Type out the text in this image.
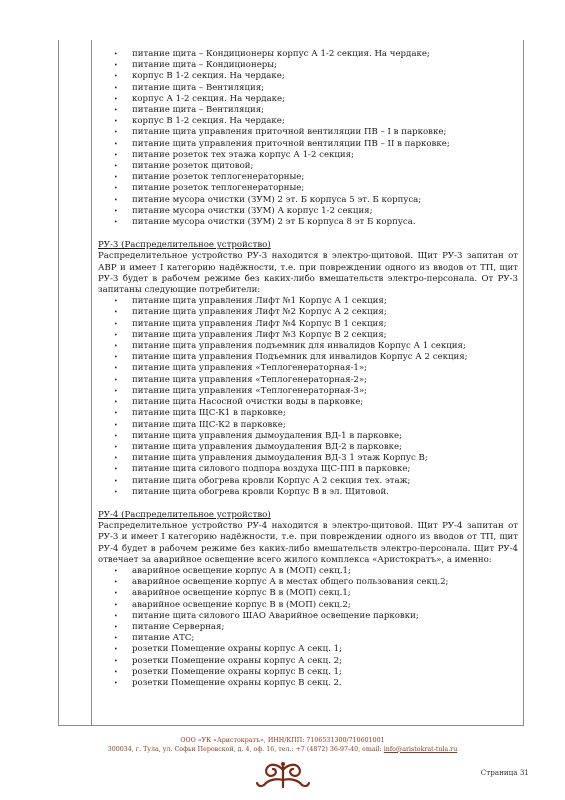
• питание щита – Кондиционеры корпус А 1-2 секция. На чердаке;
• питание щита – Кондиционеры;
• корпус В 1-2 секция. На чердаке;
• питание щита – Вентиляция;
• корпус А 1-2 секция. На чердаке;
• питание щита – Вентиляция;
• корпус В 1-2 секция. На чердаке;
• питание щита управления приточной вентиляции ПВ – I в парковке;
• питание щита управления приточной вентиляции ПВ – II в парковке;
• питание розеток тех этажа корпус А 1-2 секция;
• питание розеток щитовой;
• питание розеток теплогенераторные;
• питание розеток теплогенераторные;
• питание мусора очистки (ЗУМ) 2 эт. Б корпуса 5 эт. Б корпуса;
• питание мусора очистки (ЗУМ) А корпус 1-2 секция;
• питание мусора очистки (ЗУМ) 2 эт Б корпуса 8 эт Б корпуса.
РУ-3 (Распределительное устройство)
Распределительное устройство РУ-3 находится в электро-щитовой. Щит РУ-3 запитан от АВР и имеет I категорию надёжности, т.е. при повреждении одного из вводов от ТП, щит РУ-3 будет в рабочем режиме без каких-либо вмешательств электро-персонала. От РУ-3 запитаны следующие потребители:
• питание щита управления Лифт №1 Корпус А 1 секция;
• питание щита управления Лифт №2 Корпус А 2 секция;
• питание щита управления Лифт №4 Корпус В 1 секция;
• питание щита управления Лифт №3 Корпус В 2 секция;
• питание щита управления подъемник для инвалидов Корпус А 1 секция;
• питание щита управления Подъемник для инвалидов Корпус А 2 секция;
• питание щита управления «Теплогенераторная-1»;
• питание щита управления «Теплогенераторная-2»;
• питание щита управления «Теплогенераторная-3»;
• питание щита Насосной очистки воды в парковке;
• питание щита ЩС-К1 в парковке;
• питание щита ЩС-К2 в парковке;
• питание щита управления дымоудаления ВД-1 в парковке;
• питание щита управления дымоудаления ВД-2 в парковке;
• питание щита управления дымоудаления ВД-3 1 этаж Корпус В;
• питание щита силового подпора воздуха ЩС-ПП в парковке;
• питание щита обогрева кровли Корпус А 2 секция тех. этаж;
• питание щита обогрева кровли Корпус В в эл. Щитовой.
РУ-4 (Распределительное устройство)
Распределительное устройство РУ-4 находится в электро-щитовой. Щит РУ-4 запитан от РУ-3 и имеет I категорию надёжности, т.е. при повреждении одного из вводов от ТП, щит РУ-4 будет в рабочем режиме без каких-либо вмешательств электро-персонала. Щит РУ-4 отвечает за аварийное освещение всего жилого комплекса «Аристократъ», а именно:
• аварийное освещение корпус А в (МОП) секц.1;
• аварийное освещение корпус А в местах общего пользования секц.2;
• аварийное освещение корпус В в (МОП) секц.1;
• аварийное освещение корпус В в (МОП) секц.2;
• питание щита силового ШАО Аварийное освещение парковки;
• питание Серверная;
• питание АТС;
• розетки Помещение охраны корпус А секц. 1;
• розетки Помещение охраны корпус А секц. 2;
• розетки Помещение охраны корпус В секц. 1;
• розетки Помещение охраны корпус В секц. 2.
ООО «УК «Аристократъ», ИНН/КПП: 7106531300/710601001
300034, г. Тула, ул. Софьи Перовской, д. 4, оф. 16, тел.: +7 (4872) 36-97-40, email: info@aristokrat-tula.ru
Страница 31
